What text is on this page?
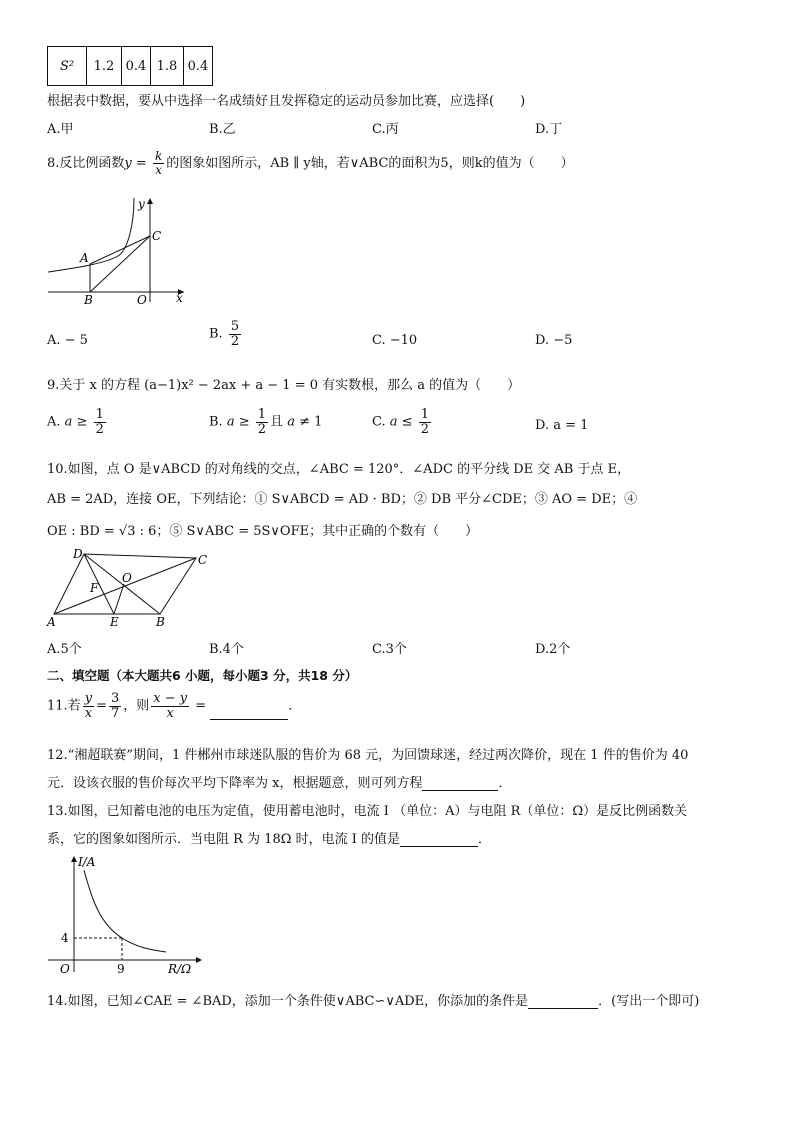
S²	1.2	0.4	1.8	0.4
根据表中数据，要从中选择一名成绩好且发挥稳定的运动员参加比赛，应选择(　　)
A.甲	B.乙	C.丙	D.丁
8.反比例函数$y = \frac{k}{x}$ 的图象如图所示，AB ∥ y轴，若∨ABC的面积为5，则k的值为（　　）
y
C
A
B	O x
A. − 5	B. $\frac{5}{2}$	C. −10	D. −5
9.关于 x 的方程 (a−1)x² − 2ax + a − 1 = 0 有实数根，那么 a 的值为（　　）
A. $a \ge \frac{1}{2}$	B. $a \ge \frac{1}{2}$ 且 a ≠ 1	C. $a \le \frac{1}{2}$	D. a = 1
10.如图，点 O 是∨ABCD 的对角线的交点，∠ABC = 120°．∠ADC 的平分线 DE 交 AB 于点 E，
AB = 2AD，连接 OE，下列结论：① S∨ABCD = AD · BD；② DB 平分∠CDE；③ AO = DE；④
OE : BD = √3 : 6；⑤ S∨ABC = 5S∨OFE；其中正确的个数有（　　）
D	C
O
F
A	E	B
A.5个	B.4个	C.3个	D.2个
二、填空题（本大题共6 小题，每小题3 分，共18 分）
11.若 $\frac{y}{x} = \frac{3}{7}$ ，则 $\frac{x - y}{x}$ =	．
12.“湘超联赛”期间，1 件郴州市球迷队服的售价为 68 元，为回馈球迷，经过两次降价，现在 1 件的售价为 40
元．设该衣服的售价每次平均下降率为 x，根据题意，则可列方程	．
13.如图，已知蓄电池的电压为定值，使用蓄电池时，电流 I （单位：A）与电阻 R（单位：Ω）是反比例函数关
系，它的图象如图所示．当电阻 R 为 18Ω 时，电流 I 的值是	．
I/A
4
O	9	R/Ω
14.如图，已知∠CAE = ∠BAD，添加一个条件使∨ABC∽∨ADE，你添加的条件是	．(写出一个即可)
